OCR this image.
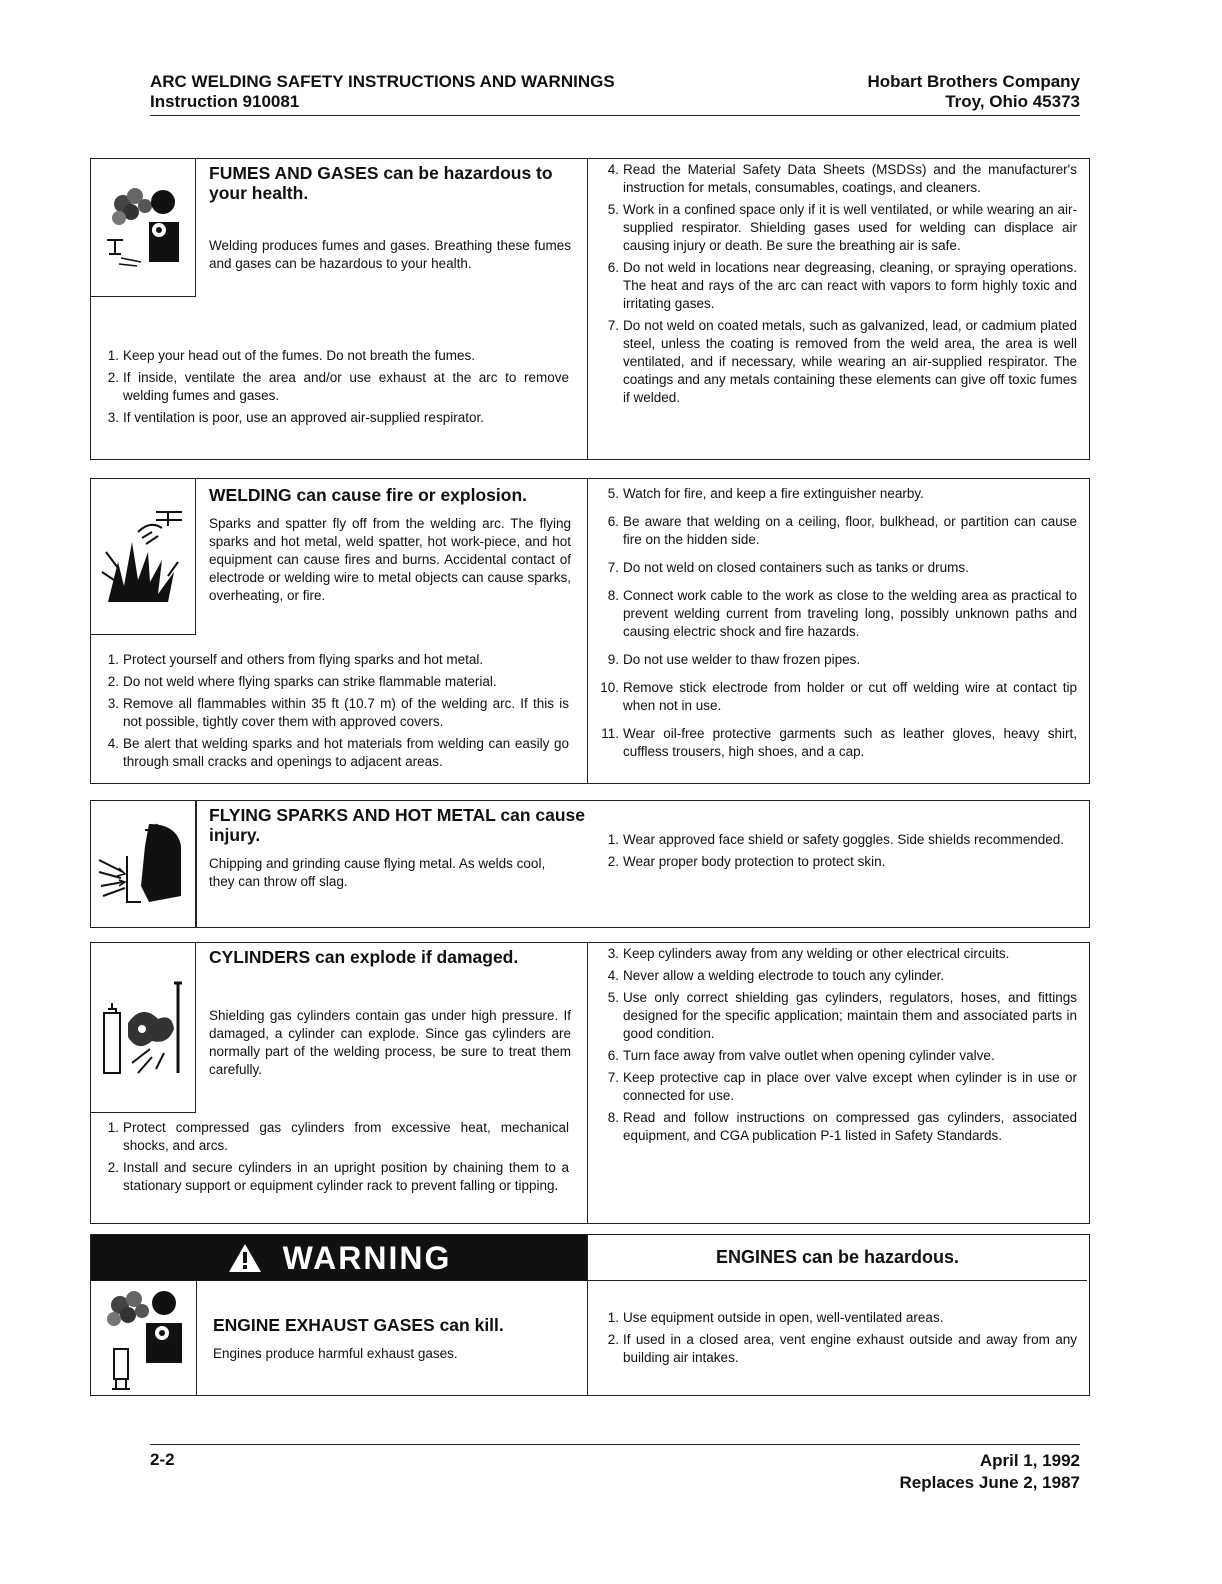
ARC WELDING SAFETY INSTRUCTIONS AND WARNINGS
Instruction 910081
Hobart Brothers Company
Troy, Ohio 45373
FUMES AND GASES can be hazardous to your health.
Welding produces fumes and gases. Breathing these fumes and gases can be hazardous to your health.
1. Keep your head out of the fumes. Do not breath the fumes.
2. If inside, ventilate the area and/or use exhaust at the arc to remove welding fumes and gases.
3. If ventilation is poor, use an approved air-supplied respirator.
4. Read the Material Safety Data Sheets (MSDSs) and the manufacturer's instruction for metals, consumables, coatings, and cleaners.
5. Work in a confined space only if it is well ventilated, or while wearing an air-supplied respirator. Shielding gases used for welding can displace air causing injury or death. Be sure the breathing air is safe.
6. Do not weld in locations near degreasing, cleaning, or spraying operations. The heat and rays of the arc can react with vapors to form highly toxic and irritating gases.
7. Do not weld on coated metals, such as galvanized, lead, or cadmium plated steel, unless the coating is removed from the weld area, the area is well ventilated, and if necessary, while wearing an air-supplied respirator. The coatings and any metals containing these elements can give off toxic fumes if welded.
WELDING can cause fire or explosion.
Sparks and spatter fly off from the welding arc. The flying sparks and hot metal, weld spatter, hot work-piece, and hot equipment can cause fires and burns. Accidental contact of electrode or welding wire to metal objects can cause sparks, overheating, or fire.
1. Protect yourself and others from flying sparks and hot metal.
2. Do not weld where flying sparks can strike flammable material.
3. Remove all flammables within 35 ft (10.7 m) of the welding arc. If this is not possible, tightly cover them with approved covers.
4. Be alert that welding sparks and hot materials from welding can easily go through small cracks and openings to adjacent areas.
5. Watch for fire, and keep a fire extinguisher nearby.
6. Be aware that welding on a ceiling, floor, bulkhead, or partition can cause fire on the hidden side.
7. Do not weld on closed containers such as tanks or drums.
8. Connect work cable to the work as close to the welding area as practical to prevent welding current from traveling long, possibly unknown paths and causing electric shock and fire hazards.
9. Do not use welder to thaw frozen pipes.
10. Remove stick electrode from holder or cut off welding wire at contact tip when not in use.
11. Wear oil-free protective garments such as leather gloves, heavy shirt, cuffless trousers, high shoes, and a cap.
FLYING SPARKS AND HOT METAL can cause injury.
Chipping and grinding cause flying metal. As welds cool, they can throw off slag.
1. Wear approved face shield or safety goggles. Side shields recommended.
2. Wear proper body protection to protect skin.
CYLINDERS can explode if damaged.
Shielding gas cylinders contain gas under high pressure. If damaged, a cylinder can explode. Since gas cylinders are normally part of the welding process, be sure to treat them carefully.
1. Protect compressed gas cylinders from excessive heat, mechanical shocks, and arcs.
2. Install and secure cylinders in an upright position by chaining them to a stationary support or equipment cylinder rack to prevent falling or tipping.
3. Keep cylinders away from any welding or other electrical circuits.
4. Never allow a welding electrode to touch any cylinder.
5. Use only correct shielding gas cylinders, regulators, hoses, and fittings designed for the specific application; maintain them and associated parts in good condition.
6. Turn face away from valve outlet when opening cylinder valve.
7. Keep protective cap in place over valve except when cylinder is in use or connected for use.
8. Read and follow instructions on compressed gas cylinders, associated equipment, and CGA publication P-1 listed in Safety Standards.
WARNING	ENGINES can be hazardous.
ENGINE EXHAUST GASES can kill.
Engines produce harmful exhaust gases.
1. Use equipment outside in open, well-ventilated areas.
2. If used in a closed area, vent engine exhaust outside and away from any building air intakes.
2-2	April 1, 1992
Replaces June 2, 1987
